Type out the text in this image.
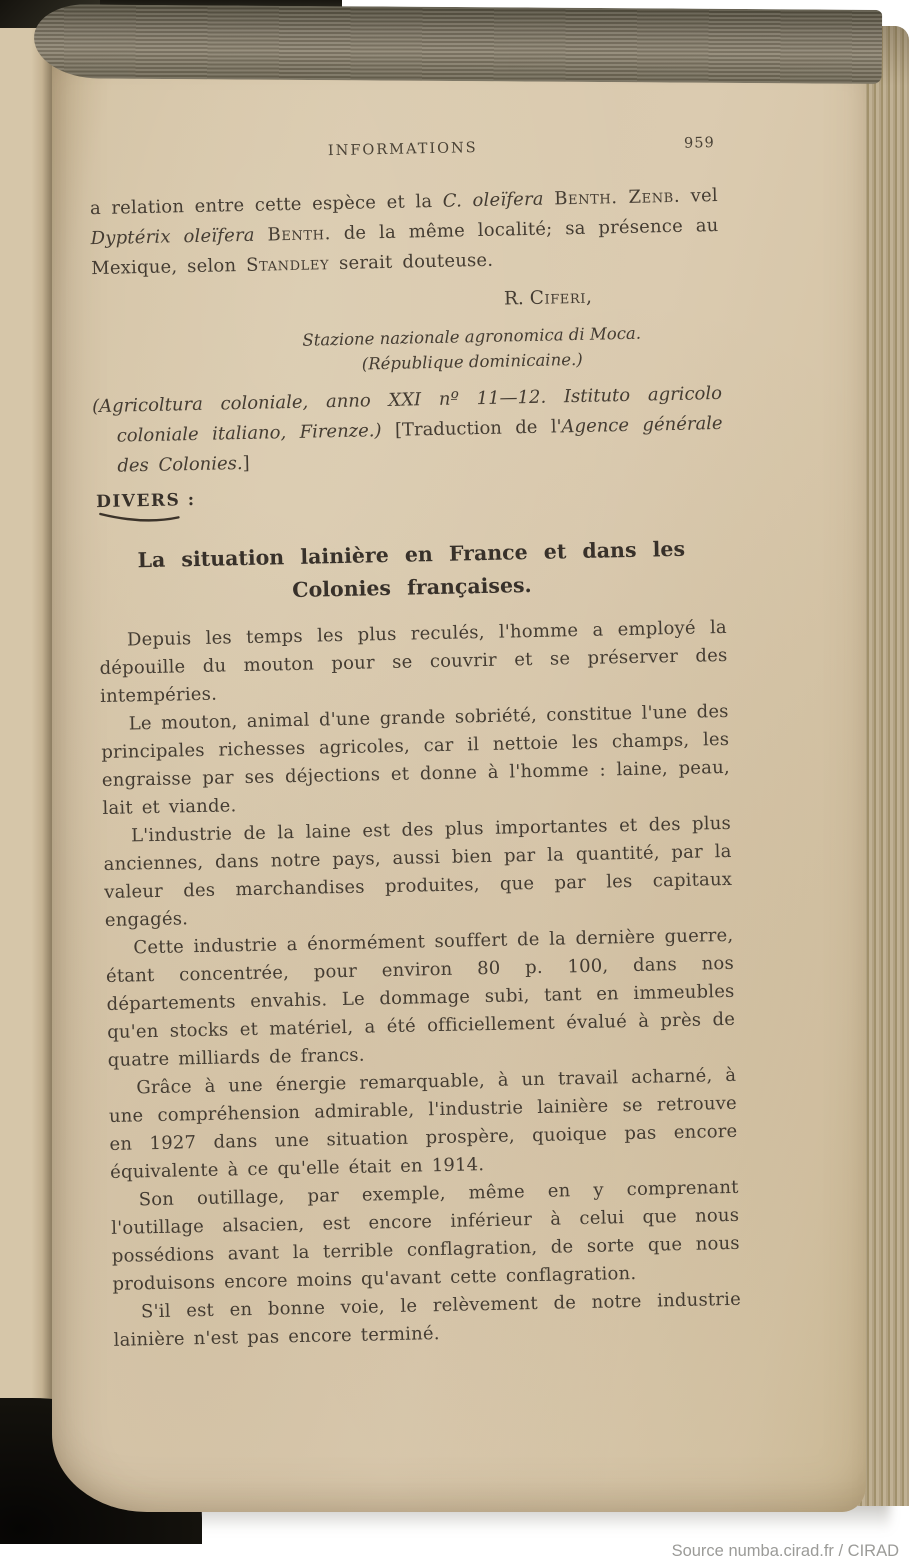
INFORMATIONS	959

a relation entre cette espèce et la C. oleïfera Benth. Zenb. vel Dyptérix oleïfera Benth. de la même localité; sa présence au Mexique, selon Standley serait douteuse.

R. Ciferi,
Stazione nazionale agronomica di Moca.
(République dominicaine.)

(Agricoltura coloniale, anno XXI nº 11—12. Istituto agricolo coloniale italiano, Firenze.) [Traduction de l'Agence générale des Colonies.]

DIVERS :
La situation lainière en France et dans les
Colonies françaises.

Depuis les temps les plus reculés, l'homme a employé la dépouille du mouton pour se couvrir et se préserver des intempéries.

Le mouton, animal d'une grande sobriété, constitue l'une des principales richesses agricoles, car il nettoie les champs, les engraisse par ses déjections et donne à l'homme : laine, peau, lait et viande.

L'industrie de la laine est des plus importantes et des plus anciennes, dans notre pays, aussi bien par la quantité, par la valeur des marchandises produites, que par les capitaux engagés.

Cette industrie a énormément souffert de la dernière guerre, étant concentrée, pour environ 80 p. 100, dans nos départements envahis. Le dommage subi, tant en immeubles qu'en stocks et matériel, a été officiellement évalué à près de quatre milliards de francs.

Grâce à une énergie remarquable, à un travail acharné, à une compréhension admirable, l'industrie lainière se retrouve en 1927 dans une situation prospère, quoique pas encore équivalente à ce qu'elle était en 1914.

Son outillage, par exemple, même en y comprenant l'outillage alsacien, est encore inférieur à celui que nous possédions avant la terrible conflagration, de sorte que nous produisons encore moins qu'avant cette conflagration.

S'il est en bonne voie, le relèvement de notre industrie lainière n'est pas encore terminé.

Source numba.cirad.fr / CIRAD
